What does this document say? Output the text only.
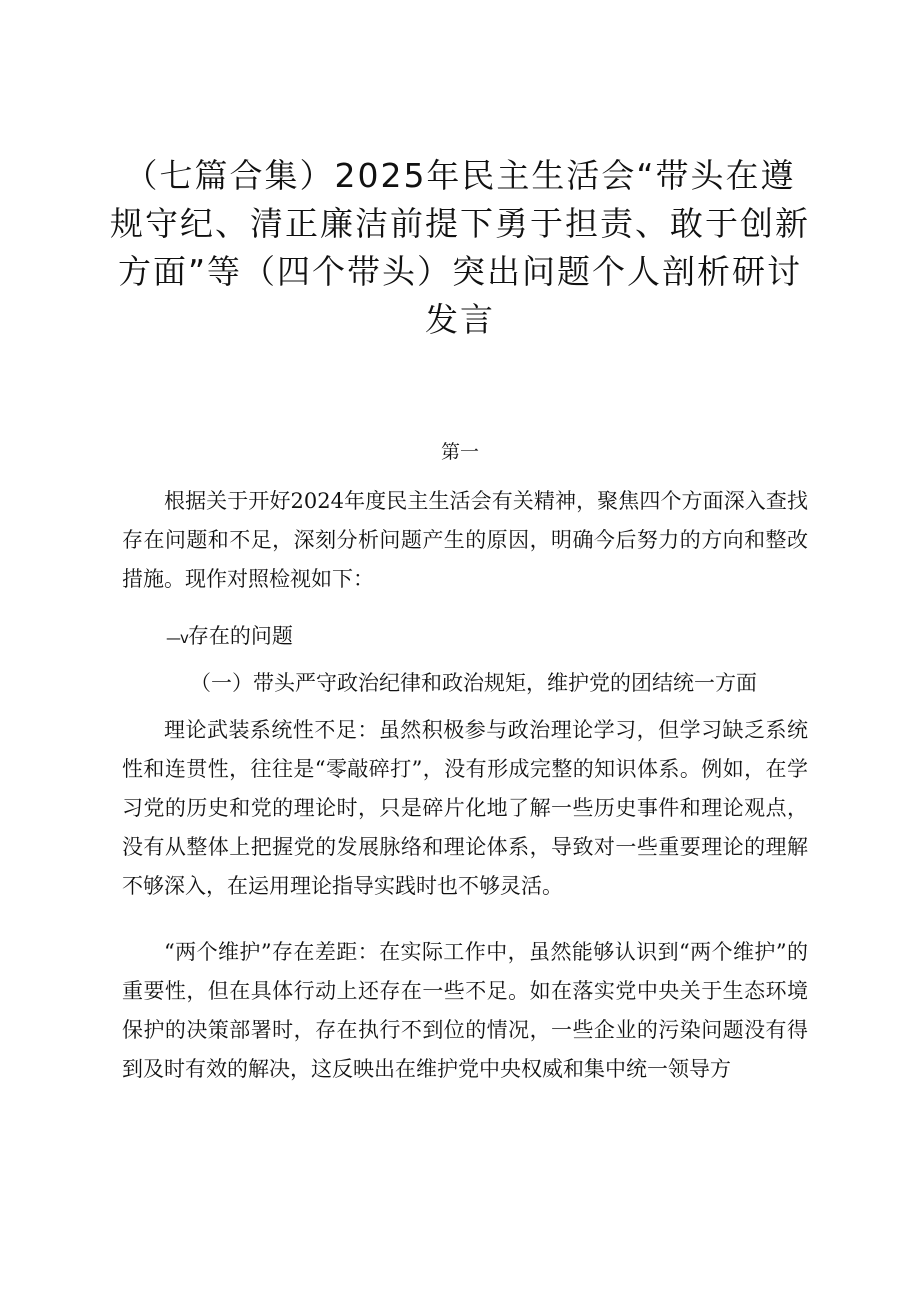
（七篇合集）2025年民主生活会“带头在遵
规守纪、清正廉洁前提下勇于担责、敢于创新
方面”等（四个带头）突出问题个人剖析研讨
发言
第一

根据关于开好2024年度民主生活会有关精神，聚焦四个方面深入查找存在问题和不足，深刻分析问题产生的原因，明确今后努力的方向和整改措施。现作对照检视如下：

—v存在的问题
（一）带头严守政治纪律和政治规矩，维护党的团结统一方面

理论武装系统性不足：虽然积极参与政治理论学习，但学习缺乏系统性和连贯性，往往是“零敲碎打”，没有形成完整的知识体系。例如，在学习党的历史和党的理论时，只是碎片化地了解一些历史事件和理论观点，没有从整体上把握党的发展脉络和理论体系，导致对一些重要理论的理解不够深入，在运用理论指导实践时也不够灵活。

“两个维护”存在差距：在实际工作中，虽然能够认识到“两个维护”的重要性，但在具体行动上还存在一些不足。如在落实党中央关于生态环境保护的决策部署时，存在执行不到位的情况，一些企业的污染问题没有得到及时有效的解决，这反映出在维护党中央权威和集中统一领导方
